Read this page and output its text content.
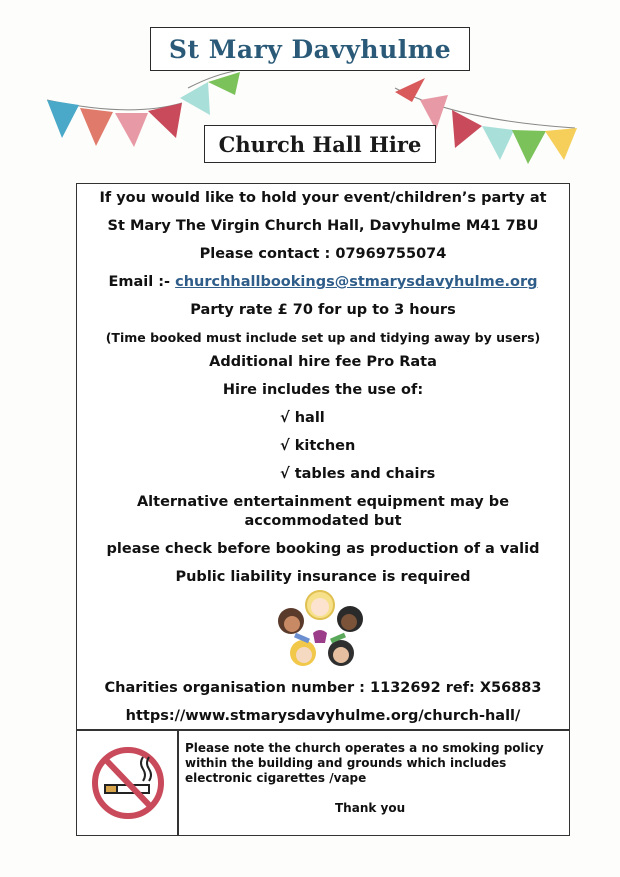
St Mary Davyhulme
Church Hall Hire
If you would like to hold your event/children’s party at
St Mary The Virgin Church Hall, Davyhulme M41 7BU
Please contact : 07969755074
Email :- churchhallbookings@stmarysdavyhulme.org
Party rate £ 70 for up to 3 hours
(Time booked must include set up and tidying away by users)
Additional hire fee Pro Rata
Hire includes the use of:
√ hall
√ kitchen
√ tables and chairs
Alternative entertainment equipment may be
accommodated but
please check before booking as production of a valid
Public liability insurance is required
Charities organisation number : 1132692 ref: X56883
https://www.stmarysdavyhulme.org/church-hall/
Please note the church operates a no smoking policy within the building and grounds which includes electronic cigarettes /vape
Thank you
